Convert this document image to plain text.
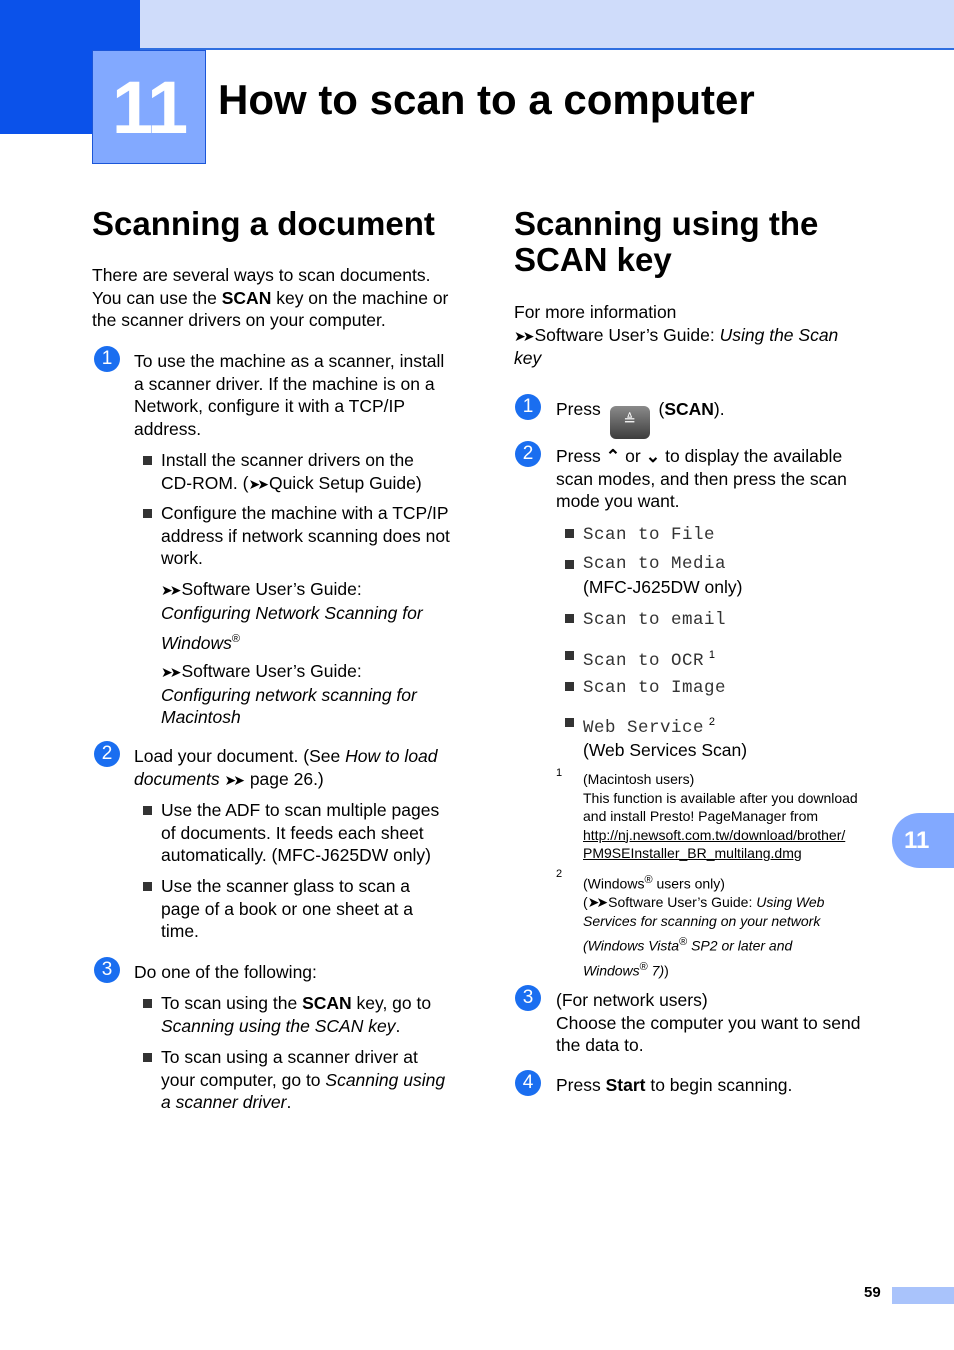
11 How to scan to a computer
Scanning a document
There are several ways to scan documents.
You can use the SCAN key on the machine or
the scanner drivers on your computer.
1	To use the machine as a scanner, install
a scanner driver. If the machine is on a
Network, configure it with a TCP/IP
address.
Install the scanner drivers on the
CD-ROM. (➤➤ Quick Setup Guide)
Configure the machine with a TCP/IP
address if network scanning does not
work.
➤➤ Software User’s Guide:
Configuring Network Scanning for
Windows®
➤➤ Software User’s Guide:
Configuring network scanning for
Macintosh
2	Load your document. (See How to load
documents ➤➤ page 26.)
Use the ADF to scan multiple pages
of documents. It feeds each sheet
automatically. (MFC-J625DW only)
Use the scanner glass to scan a
page of a book or one sheet at a
time.
3	Do one of the following:
To scan using the SCAN key, go to
Scanning using the SCAN key.
To scan using a scanner driver at
your computer, go to Scanning using
a scanner driver.
Scanning using the
SCAN key
For more information
➤➤ Software User’s Guide: Using the Scan
key
1	Press ≜ (SCAN).
2	Press ⌃ or ⌄ to display the available
scan modes, and then press the scan
mode you want.
Scan to File
Scan to Media
(MFC-J625DW only)
Scan to email
Scan to OCR $^1$
Scan to Image
Web Service $^2$
(Web Services Scan)
1 (Macintosh users)
This function is available after you download
and install Presto! PageManager from
http://nj.newsoft.com.tw/download/brother/
PM9SEInstaller_BR_multilang.dmg
2
(Windows® users only)
(➤➤ Software User’s Guide: Using Web
Services for scanning on your network
(Windows Vista® SP2 or later and
Windows® 7))
3	(For network users)
Choose the computer you want to send
the data to.
4	Press Start to begin scanning.
11
59
